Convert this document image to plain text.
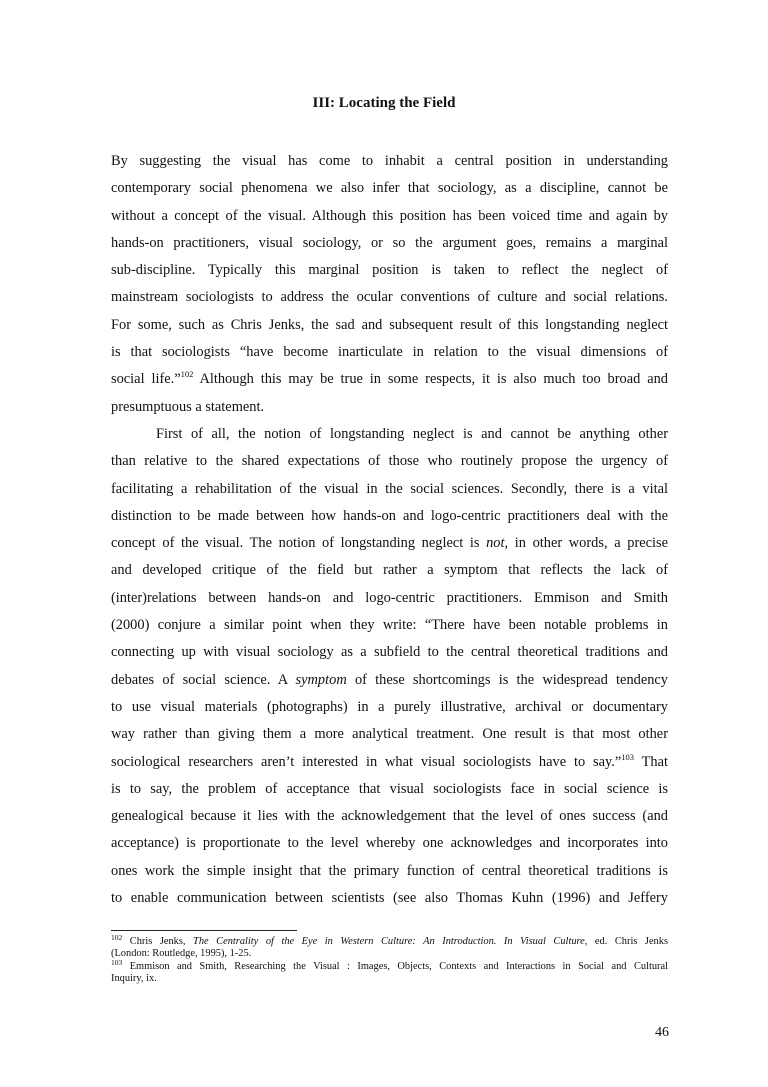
III: Locating the Field
By suggesting the visual has come to inhabit a central position in understanding
contemporary social phenomena we also infer that sociology, as a discipline, cannot be
without a concept of the visual. Although this position has been voiced time and again by
hands-on practitioners, visual sociology, or so the argument goes, remains a marginal
sub-discipline. Typically this marginal position is taken to reflect the neglect of
mainstream sociologists to address the ocular conventions of culture and social relations.
For some, such as Chris Jenks, the sad and subsequent result of this longstanding neglect
is that sociologists “have become inarticulate in relation to the visual dimensions of
social life.”$^{102}$ Although this may be true in some respects, it is also much too broad and
presumptuous a statement.
First of all, the notion of longstanding neglect is and cannot be anything other
than relative to the shared expectations of those who routinely propose the urgency of
facilitating a rehabilitation of the visual in the social sciences. Secondly, there is a vital
distinction to be made between how hands-on and logo-centric practitioners deal with the
concept of the visual. The notion of longstanding neglect is not, in other words, a precise
and developed critique of the field but rather a symptom that reflects the lack of
(inter)relations between hands-on and logo-centric practitioners. Emmison and Smith
(2000) conjure a similar point when they write: “There have been notable problems in
connecting up with visual sociology as a subfield to the central theoretical traditions and
debates of social science. A symptom of these shortcomings is the widespread tendency
to use visual materials (photographs) in a purely illustrative, archival or documentary
way rather than giving them a more analytical treatment. One result is that most other
sociological researchers aren’t interested in what visual sociologists have to say.”$^{103}$ That
is to say, the problem of acceptance that visual sociologists face in social science is
genealogical because it lies with the acknowledgement that the level of ones success (and
acceptance) is proportionate to the level whereby one acknowledges and incorporates into
ones work the simple insight that the primary function of central theoretical traditions is
to enable communication between scientists (see also Thomas Kuhn (1996) and Jeffery
$^{102}$ Chris Jenks, The Centrality of the Eye in Western Culture: An Introduction. In Visual Culture, ed. Chris Jenks
(London: Routledge, 1995), 1-25.
$^{103}$ Emmison and Smith, Researching the Visual : Images, Objects, Contexts and Interactions in Social and Cultural
Inquiry, ix.
46
